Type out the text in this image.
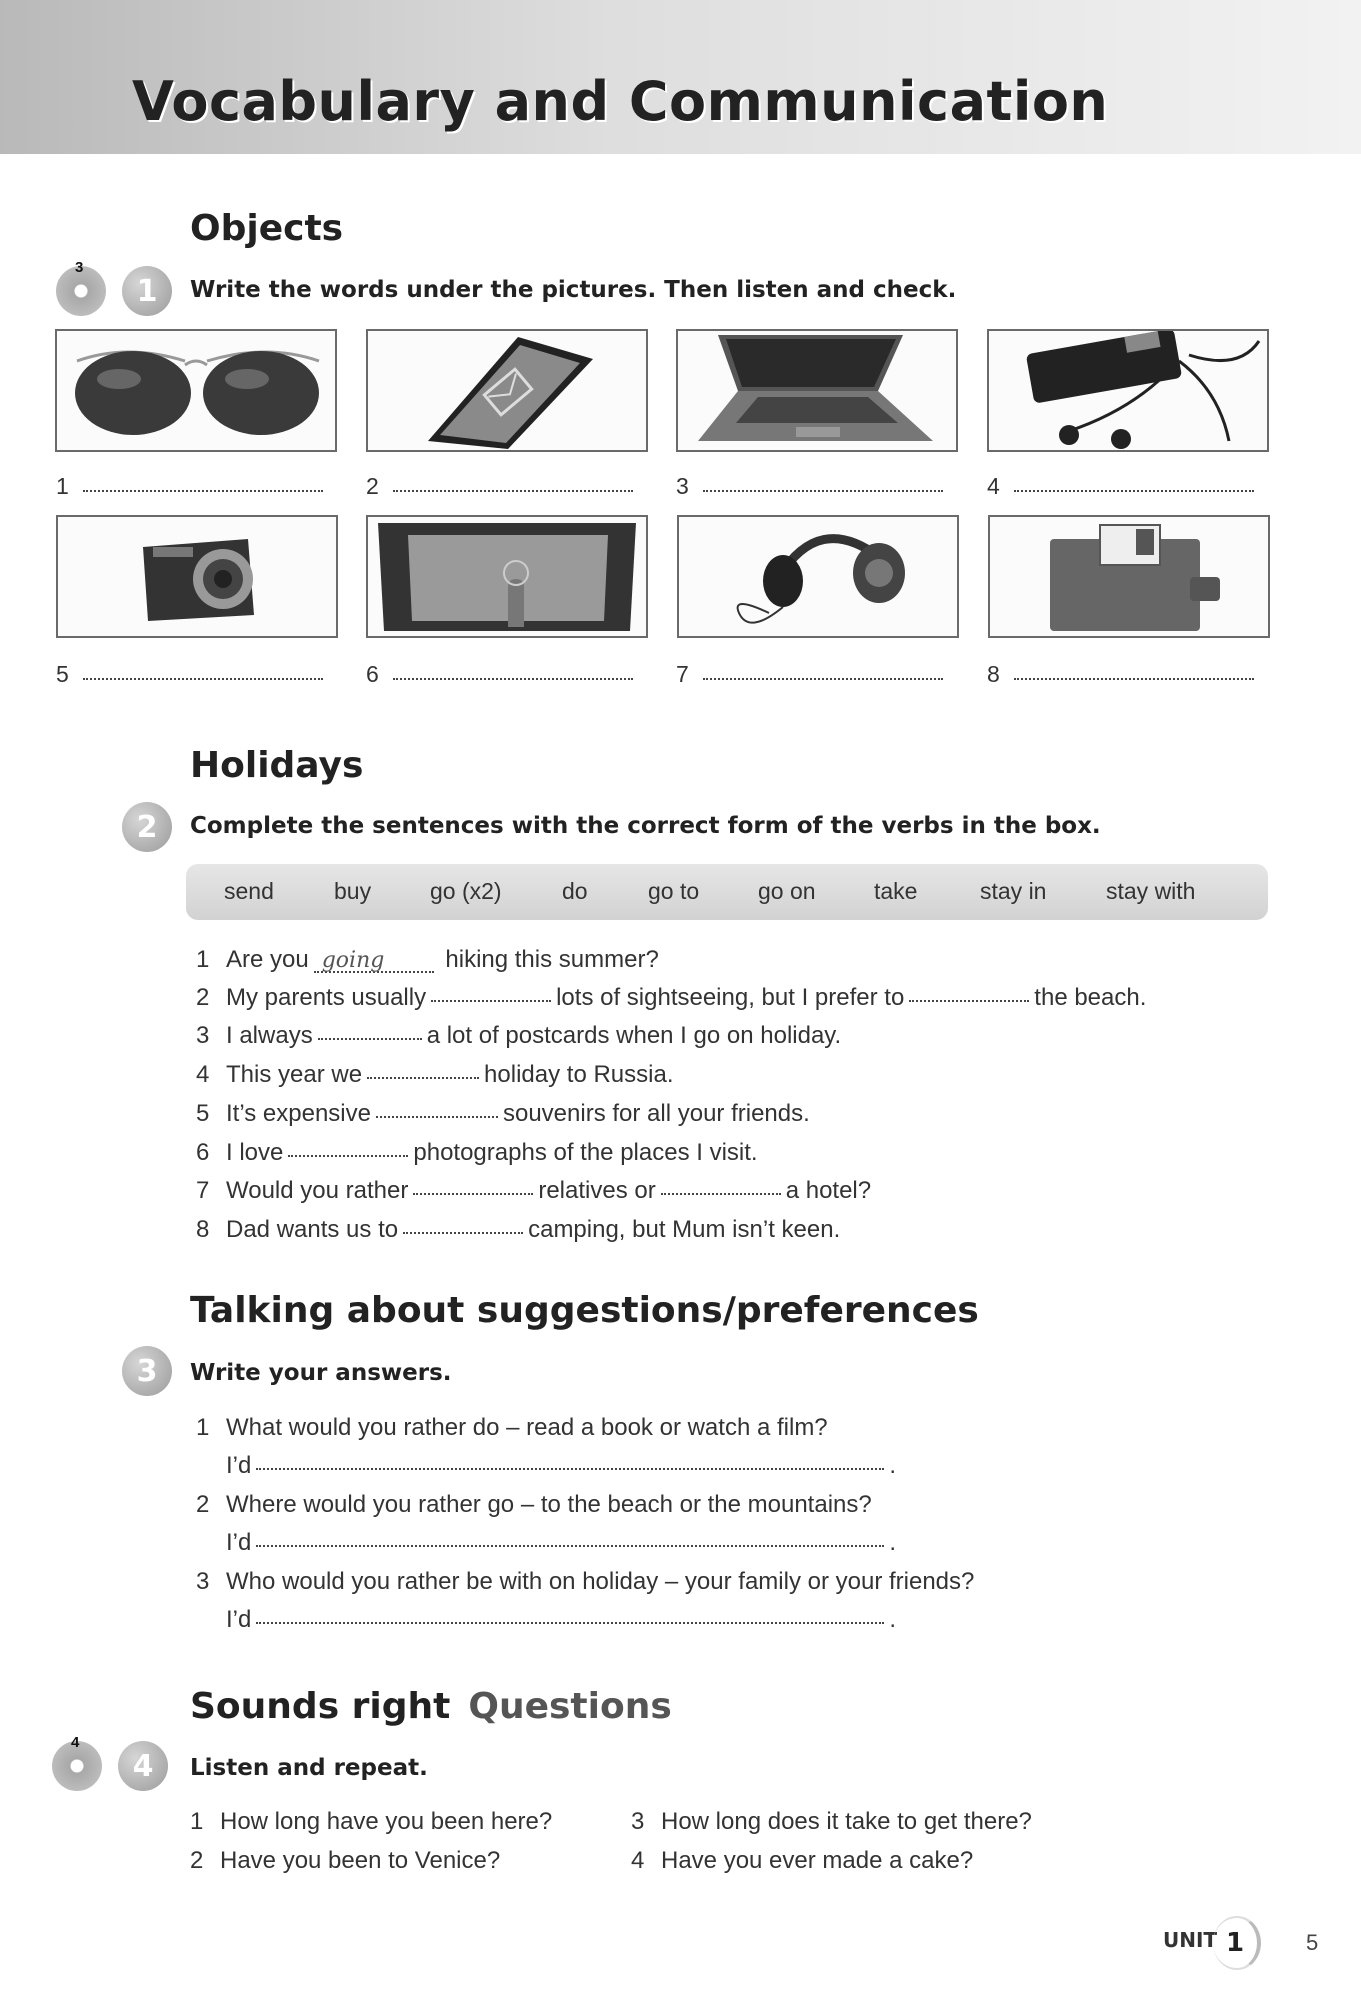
Vocabulary and Communication
Objects
3
1	Write the words under the pictures. Then listen and check.
1	2	3	4
5	6	7	8
Holidays
2	Complete the sentences with the correct form of the verbs in the box.
send	buy	go (x2)	do	go to	go on	take	stay in	stay with
1 Are you going hiking this summer?
2 My parents usually	lots of sightseeing, but I prefer to	the beach.
3 I always	a lot of postcards when I go on holiday.
4 This year we	holiday to Russia.
5 It’s expensive	souvenirs for all your friends.
6 I love	photographs of the places I visit.
7 Would you rather	relatives or	a hotel?
8 Dad wants us to	camping, but Mum isn’t keen.
Talking about suggestions/preferences
3	Write your answers.
1 What would you rather do – read a book or watch a film?
I’d	.
2 Where would you rather go – to the beach or the mountains?
I’d	.
3 Who would you rather be with on holiday – your family or your friends?
I’d	.
Sounds right Questions
4
4	Listen and repeat.
1 How long have you been here?
2 Have you been to Venice?
3 How long does it take to get there?
4 Have you ever made a cake?
UNIT 1	5
